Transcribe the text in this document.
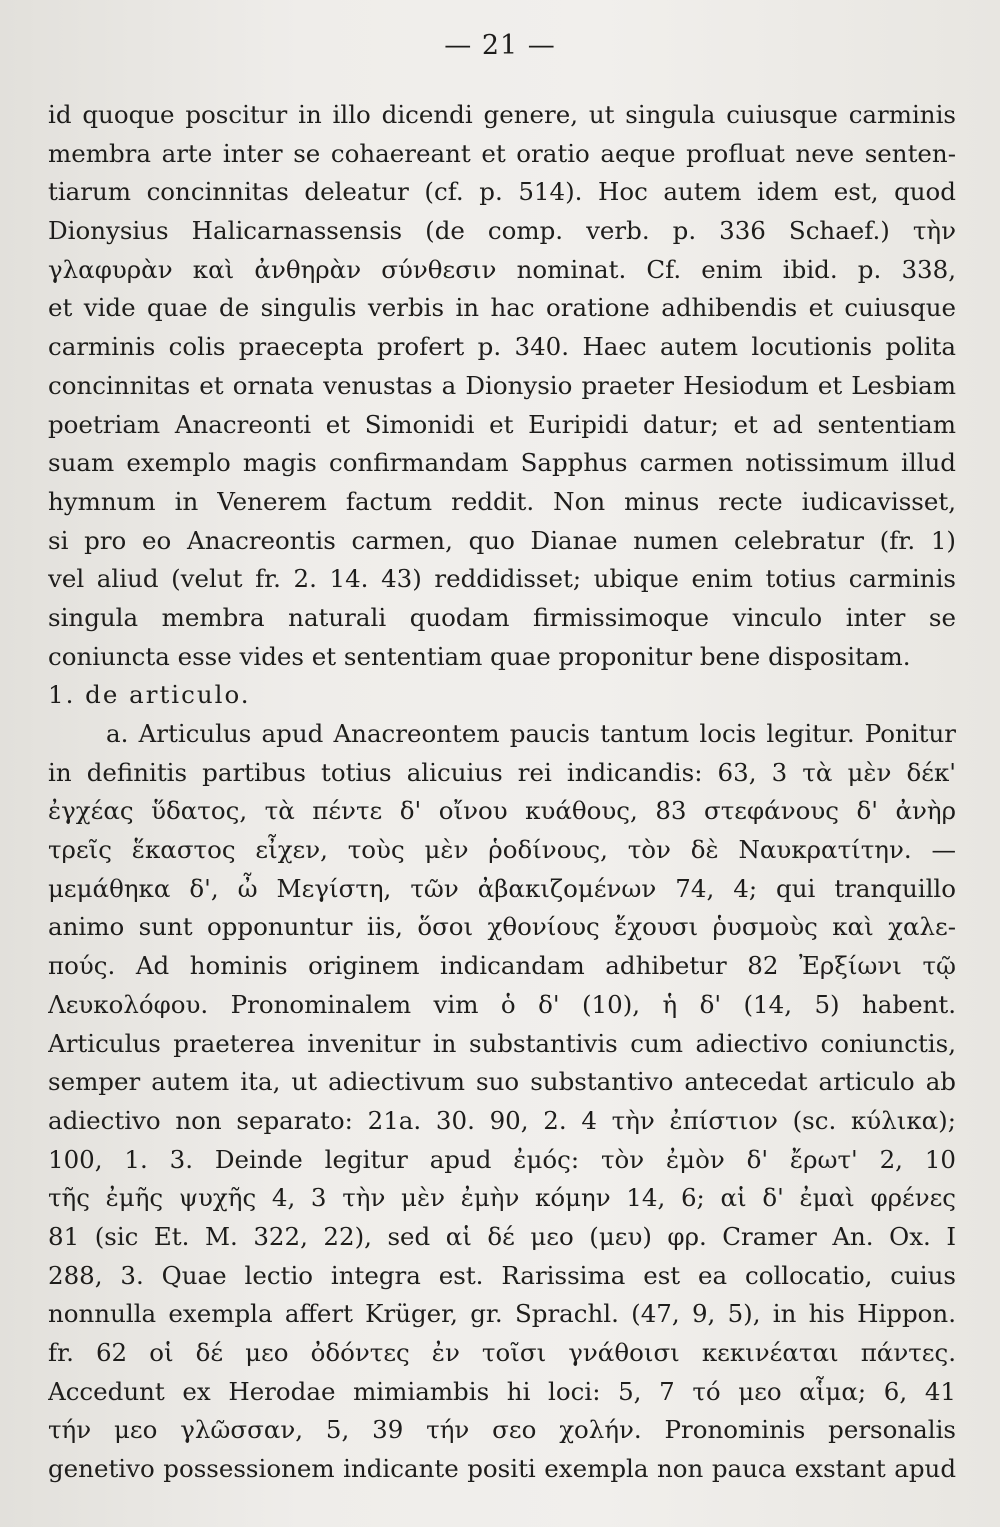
— 21 —
id quoque poscitur in illo dicendi genere, ut singula cuiusque carminis
membra arte inter se cohaereant et oratio aeque profluat neve senten-
tiarum concinnitas deleatur (cf. p. 514). Hoc autem idem est, quod
Dionysius Halicarnassensis (de comp. verb. p. 336 Schaef.) τὴν
γλαφυρὰν καὶ ἀνθηρὰν σύνθεσιν nominat. Cf. enim ibid. p. 338,
et vide quae de singulis verbis in hac oratione adhibendis et cuiusque
carminis colis praecepta profert p. 340. Haec autem locutionis polita
concinnitas et ornata venustas a Dionysio praeter Hesiodum et Lesbiam
poetriam Anacreonti et Simonidi et Euripidi datur; et ad sententiam
suam exemplo magis confirmandam Sapphus carmen notissimum illud
hymnum in Venerem factum reddit. Non minus recte iudicavisset,
si pro eo Anacreontis carmen, quo Dianae numen celebratur (fr. 1)
vel aliud (velut fr. 2. 14. 43) reddidisset; ubique enim totius carminis
singula membra naturali quodam firmissimoque vinculo inter se
coniuncta esse vides et sententiam quae proponitur bene dispositam.
1. de articulo.
a. Articulus apud Anacreontem paucis tantum locis legitur. Ponitur
in definitis partibus totius alicuius rei indicandis: 63, 3 τὰ μὲν δέκ'
ἐγχέας ὕδατος, τὰ πέντε δ' οἴνου κυάθους, 83 στεφάνους δ' ἀνὴρ
τρεῖς ἕκαστος εἶχεν, τοὺς μὲν ῥοδίνους, τὸν δὲ Ναυκρατίτην. —
μεμάθηκα δ', ὦ Μεγίστη, τῶν ἀβακιζομένων 74, 4; qui tranquillo
animo sunt opponuntur iis, ὅσοι χθονίους ἔχουσι ῥυσμοὺς καὶ χαλε-
πούς. Ad hominis originem indicandam adhibetur 82 Ἐρξίωνι τῷ
Λευκολόφου. Pronominalem vim ὁ δ' (10), ἡ δ' (14, 5) habent.
Articulus praeterea invenitur in substantivis cum adiectivo coniunctis,
semper autem ita, ut adiectivum suo substantivo antecedat articulo ab
adiectivo non separato: 21a. 30. 90, 2. 4 τὴν ἐπίστιον (sc. κύλικα);
100, 1. 3. Deinde legitur apud ἐμός: τὸν ἐμὸν δ' ἔρωτ' 2, 10
τῆς ἐμῆς ψυχῆς 4, 3 τὴν μὲν ἐμὴν κόμην 14, 6; αἱ δ' ἐμαὶ φρένες
81 (sic Et. M. 322, 22), sed αἱ δέ μεο (μευ) φρ. Cramer An. Ox. I
288, 3. Quae lectio integra est. Rarissima est ea collocatio, cuius
nonnulla exempla affert Krüger, gr. Sprachl. (47, 9, 5), in his Hippon.
fr. 62 οἱ δέ μεο ὀδόντες ἐν τοῖσι γνάθοισι κεκινέαται πάντες.
Accedunt ex Herodae mimiambis hi loci: 5, 7 τό μεο αἷμα; 6, 41
τήν μεο γλῶσσαν, 5, 39 τήν σεο χολήν. Pronominis personalis
genetivo possessionem indicante positi exempla non pauca exstant apud
